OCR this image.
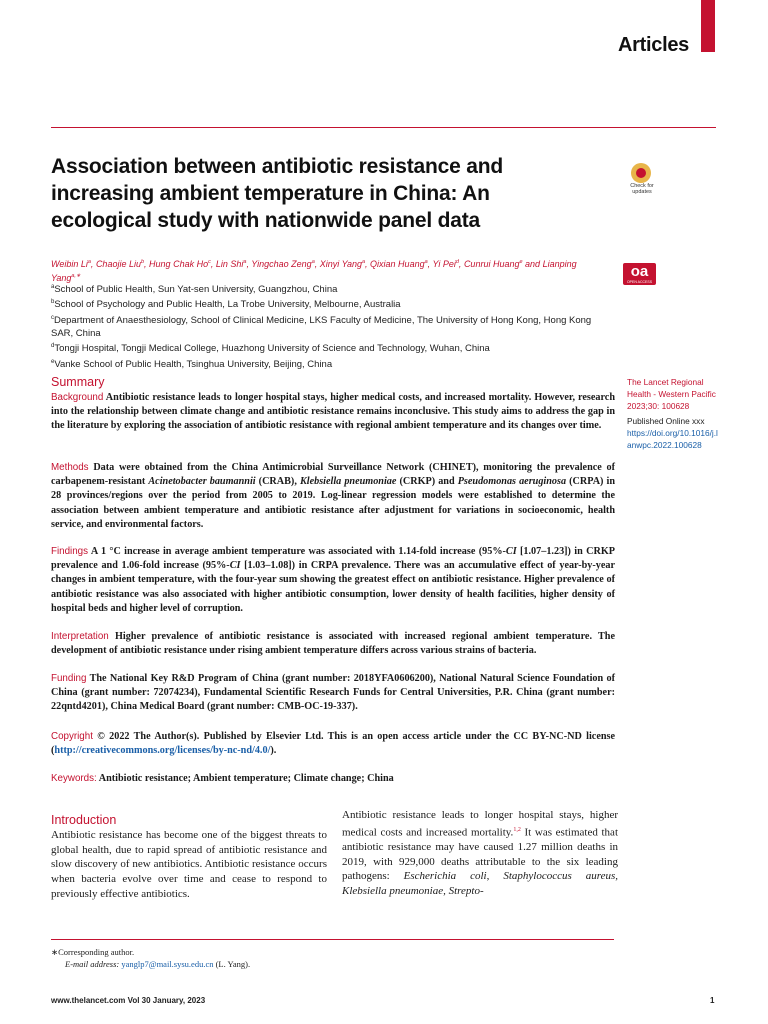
Articles
Association between antibiotic resistance and increasing ambient temperature in China: An ecological study with nationwide panel data
Check for updates
oa
OPEN ACCESS
Weibin Li$^a$, Chaojie Liu$^b$, Hung Chak Ho$^c$, Lin Shi$^a$, Yingchao Zeng$^a$, Xinyi Yang$^a$, Qixian Huang$^a$, Yi Pei$^d$, Cunrui Huang$^e$ and Lianping Yang$^{a,∗}$

$^a$School of Public Health, Sun Yat-sen University, Guangzhou, China

$^b$School of Psychology and Public Health, La Trobe University, Melbourne, Australia

$^c$Department of Anaesthesiology, School of Clinical Medicine, LKS Faculty of Medicine, The University of Hong Kong, Hong Kong SAR, China

$^d$Tongji Hospital, Tongji Medical College, Huazhong University of Science and Technology, Wuhan, China

$^e$Vanke School of Public Health, Tsinghua University, Beijing, China

Summary
Background Antibiotic resistance leads to longer hospital stays, higher medical costs, and increased mortality. However, research into the relationship between climate change and antibiotic resistance remains inconclusive. This study aims to address the gap in the literature by exploring the association of antibiotic resistance with regional ambient temperature and its changes over time.
Methods Data were obtained from the China Antimicrobial Surveillance Network (CHINET), monitoring the prevalence of carbapenem-resistant Acinetobacter baumannii (CRAB), Klebsiella pneumoniae (CRKP) and Pseudomonas aeruginosa (CRPA) in 28 provinces/regions over the period from 2005 to 2019. Log-linear regression models were established to determine the association between ambient temperature and antibiotic resistance after adjustment for variations in socioeconomic, health service, and environmental factors.
Findings A 1 °C increase in average ambient temperature was associated with 1.14-fold increase (95%-CI [1.07–1.23]) in CRKP prevalence and 1.06-fold increase (95%-CI [1.03–1.08]) in CRPA prevalence. There was an accumulative effect of year-by-year changes in ambient temperature, with the four-year sum showing the greatest effect on antibiotic resistance. Higher prevalence of antibiotic resistance was also associated with higher antibiotic consumption, lower density of health facilities, higher density of hospital beds and higher level of corruption.
Interpretation Higher prevalence of antibiotic resistance is associated with increased regional ambient temperature. The development of antibiotic resistance under rising ambient temperature differs across various strains of bacteria.
Funding The National Key R&D Program of China (grant number: 2018YFA0606200), National Natural Science Foundation of China (grant number: 72074234), Fundamental Scientific Research Funds for Central Universities, P.R. China (grant number: 22qntd4201), China Medical Board (grant number: CMB-OC-19-337).
Copyright © 2022 The Author(s). Published by Elsevier Ltd. This is an open access article under the CC BY-NC-ND license (http://creativecommons.org/licenses/by-nc-nd/4.0/).
Keywords: Antibiotic resistance; Ambient temperature; Climate change; China
The Lancet Regional Health - Western Pacific 2023;30: 100628
Published Online xxx
https://doi.org/10.1016/j.lanwpc.2022.100628
Introduction
Antibiotic resistance has become one of the biggest threats to global health, due to rapid spread of antibiotic resistance and slow discovery of new antibiotics. Antibiotic resistance occurs when bacteria evolve over time and cease to respond to previously effective antibiotics.
Antibiotic resistance leads to longer hospital stays, higher medical costs and increased mortality.$^{1,2}$ It was estimated that antibiotic resistance may have caused 1.27 million deaths in 2019, with 929,000 deaths attributable to the six leading pathogens: Escherichia coli, Staphylococcus aureus, Klebsiella pneumoniae, Strepto-
∗Corresponding author.
E-mail address: yanglp7@mail.sysu.edu.cn (L. Yang).
www.thelancet.com Vol 30 January, 2023	1
